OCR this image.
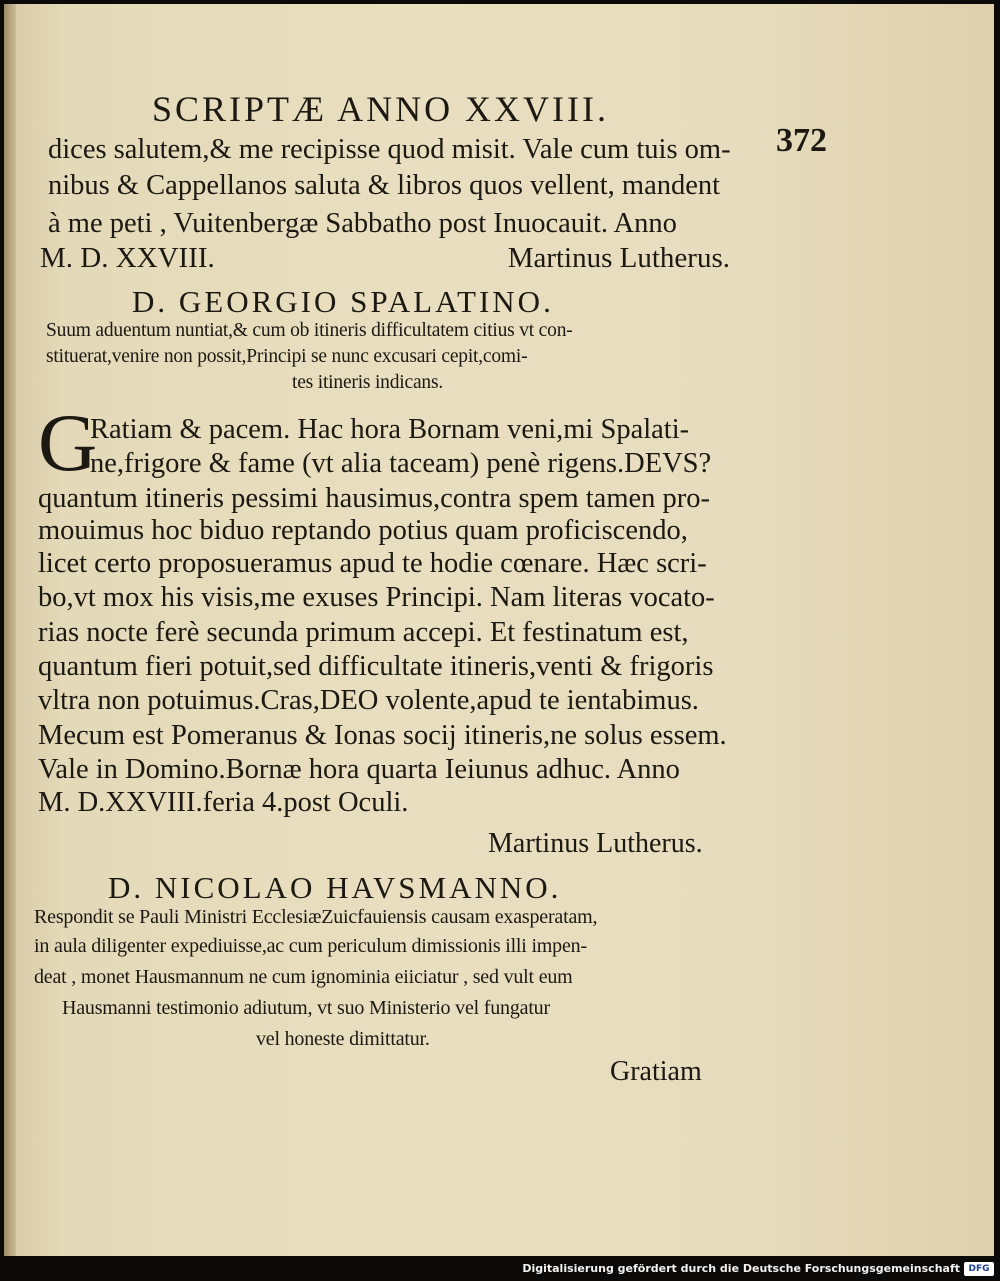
SCRIPTÆ ANNO XXVIII.
372
dices salutem,& me recipisse quod misit. Vale cum tuis om-
nibus & Cappellanos saluta & libros quos vellent, mandent
à me peti , Vuitenbergæ Sabbatho post Inuocauit. Anno
M. D. XXVIII.	Martinus Lutherus.
D. GEORGIO SPALATINO.
Suum aduentum nuntiat,& cum ob itineris difficultatem citius vt con-
stituerat,venire non possit,Principi se nunc excusari cepit,comi-
tes itineris indicans.
G
Ratiam & pacem. Hac hora Bornam veni,mi Spalati-
ne,frigore & fame (vt alia taceam) penè rigens.DEVS?
quantum itineris pessimi hausimus,contra spem tamen pro-
mouimus hoc biduo reptando potius quam proficiscendo,
licet certo proposueramus apud te hodie cœnare. Hæc scri-
bo,vt mox his visis,me exuses Principi. Nam literas vocato-
rias nocte ferè secunda primum accepi. Et festinatum est,
quantum fieri potuit,sed difficultate itineris,venti & frigoris
vltra non potuimus.Cras,DEO volente,apud te ientabimus.
Mecum est Pomeranus & Ionas socij itineris,ne solus essem.
Vale in Domino.Bornæ hora quarta Ieiunus adhuc. Anno
M. D.XXVIII.feria 4.post Oculi.
Martinus Lutherus.
D. NICOLAO HAVSMANNO.
Respondit se Pauli Ministri EcclesiæZuicfauiensis causam exasperatam,
in aula diligenter expediuisse,ac cum periculum dimissionis illi impen-
deat , monet Hausmannum ne cum ignominia eiiciatur , sed vult eum
Hausmanni testimonio adiutum, vt suo Ministerio vel fungatur
vel honeste dimittatur.
Gratiam
Digitalisierung gefördert durch die Deutsche Forschungsgemeinschaft DFG
